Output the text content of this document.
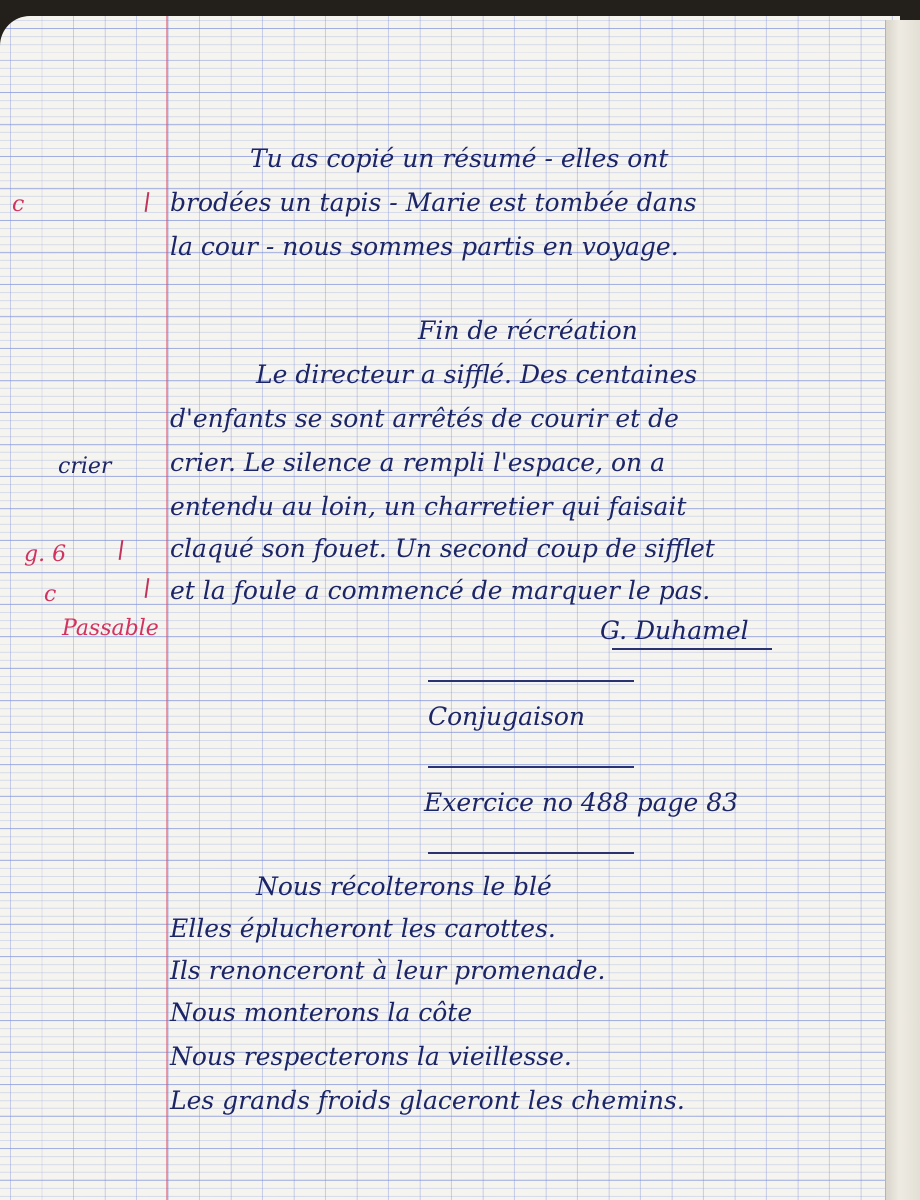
Tu as copié un résumé - elles ont
brodées un tapis - Marie est tombée dans
la cour - nous sommes partis en voyage.
Fin de récréation
Le directeur a sifflé. Des centaines
d'enfants se sont arrêtés de courir et de
crier. Le silence a rempli l'espace, on a
entendu au loin, un charretier qui faisait
claqué son fouet. Un second coup de sifflet
et la foule a commencé de marquer le pas.
G. Duhamel
c
crier
g. 6
c
Passable
Conjugaison
Exercice no 488 page 83
Nous récolterons le blé
Elles éplucheront les carottes.
Ils renonceront à leur promenade.
Nous monterons la côte
Nous respecterons la vieillesse.
Les grands froids glaceront les chemins.
